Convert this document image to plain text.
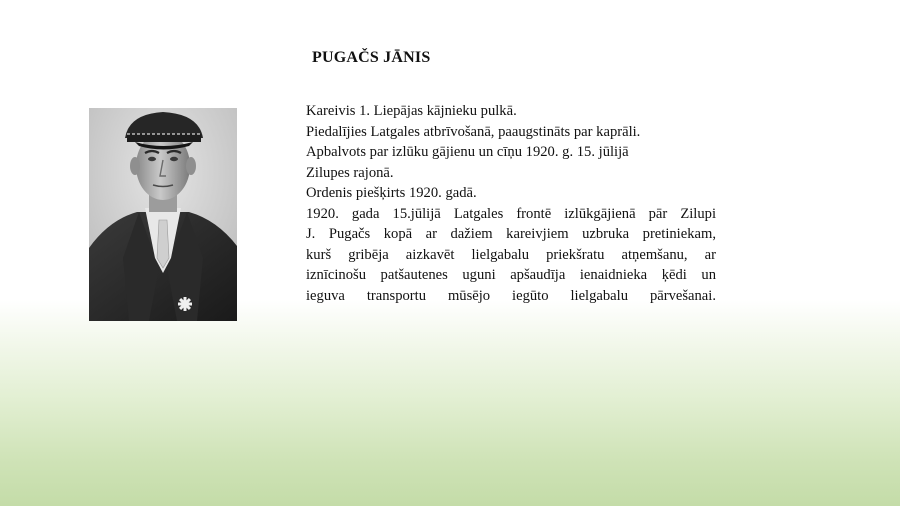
PUGAČS JĀNIS
Kareivis 1. Liepājas kājnieku pulkā.
Piedalījies Latgales atbrīvošanā, paaugstināts par kaprāli.
Apbalvots par izlūku gājienu un cīņu 1920. g. 15. jūlijā
Zilupes rajonā.
Ordenis piešķirts 1920. gadā.
1920. gada 15.jūlijā Latgales frontē izlūkgājienā pār Zilupi
J. Pugačs kopā ar dažiem kareivjiem uzbruka pretiniekam,
kurš gribēja aizkavēt lielgabalu priekšratu atņemšanu, ar
iznīcinošu patšautenes uguni apšaudīja ienaidnieka ķēdi un
ieguva transportu mūsējo iegūto lielgabalu pārvešanai.
